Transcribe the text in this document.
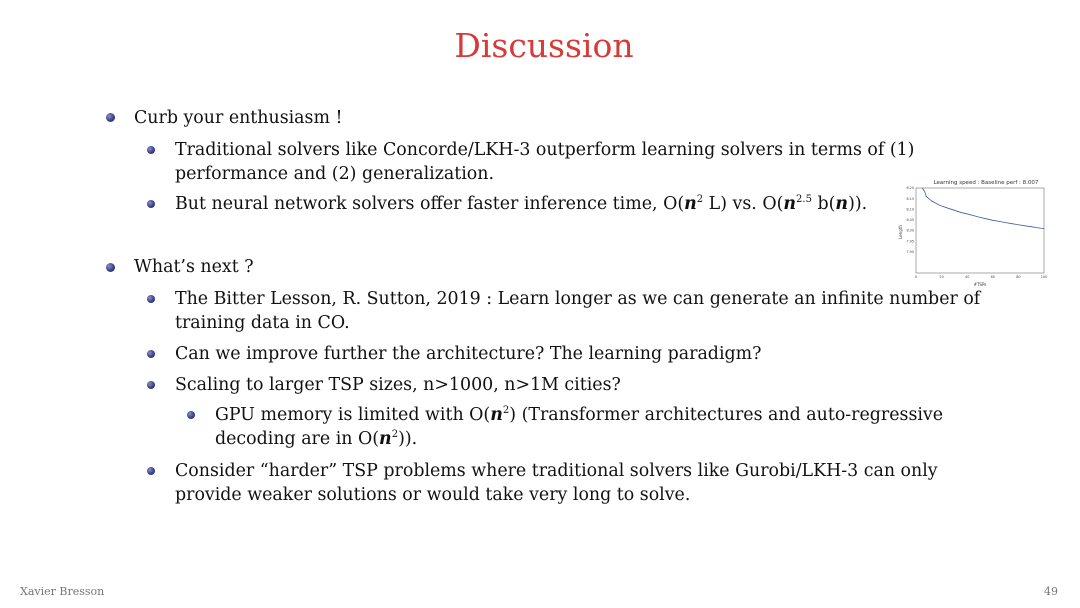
Discussion
Curb your enthusiasm !
Traditional solvers like Concorde/LKH-3 outperform learning solvers in terms of (1)
performance and (2) generalization.
But neural network solvers offer faster inference time, $O(n^2$ L) vs. $O(n^{2.5}$ b(n)).
Learning speed : Baseline perf : 8.007
8.20
8.15
8.10
8.05
8.00
7.95
7.90
0	20	40	60	80	100
#TSPs
Length
What’s next ?
The Bitter Lesson, R. Sutton, 2019 : Learn longer as we can generate an infinite number of
training data in CO.
Can we improve further the architecture? The learning paradigm?
Scaling to larger TSP sizes, n>1000, n>1M cities?
GPU memory is limited with $O(n^2)$ (Transformer architectures and auto-regressive
decoding are in $O(n^2)$).
Consider “harder” TSP problems where traditional solvers like Gurobi/LKH-3 can only
provide weaker solutions or would take very long to solve.
Xavier Bresson	49
